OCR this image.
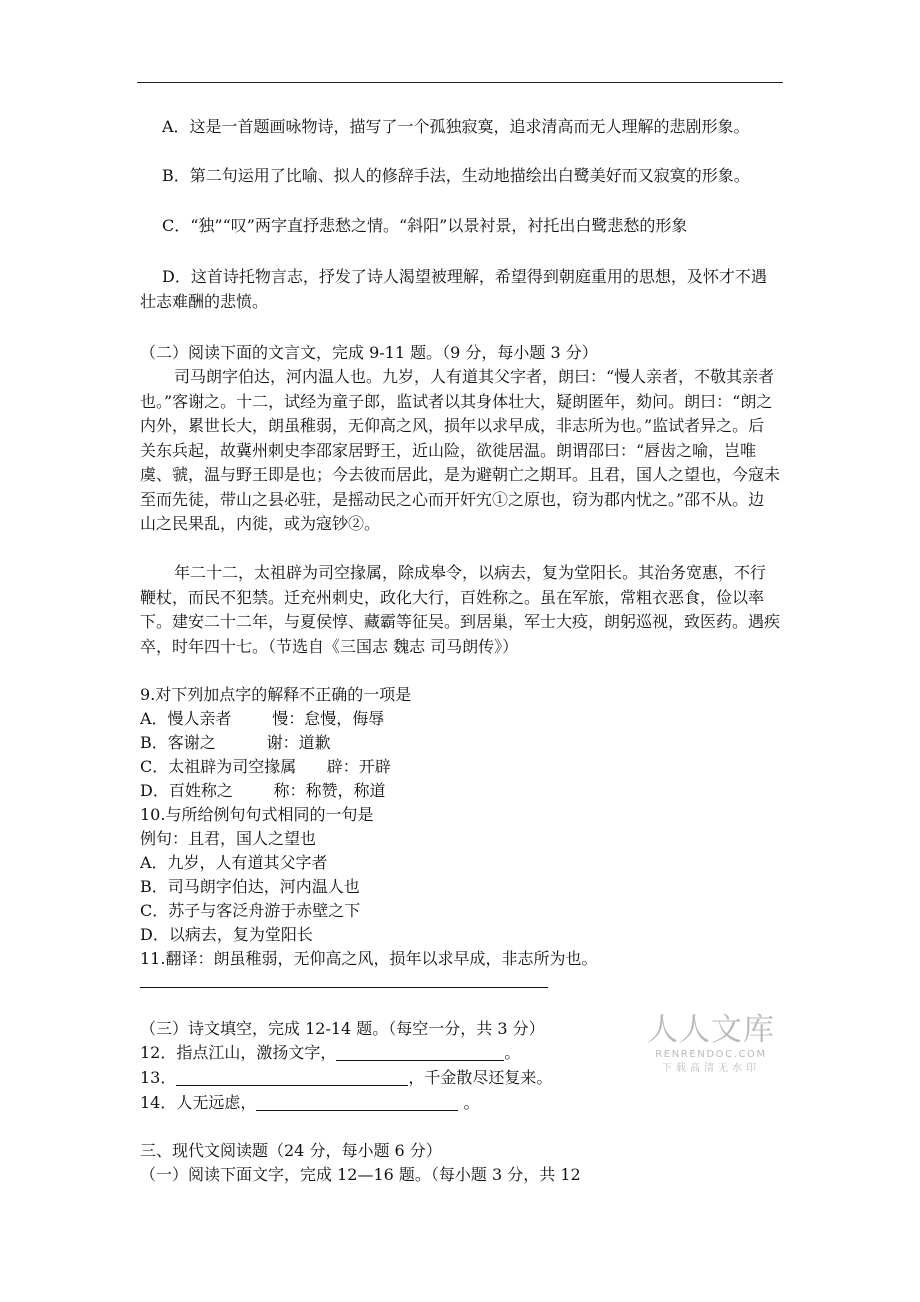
A．这是一首题画咏物诗，描写了一个孤独寂寞，追求清高而无人理解的悲剧形象。

B．第二句运用了比喻、拟人的修辞手法，生动地描绘出白鹭美好而又寂寞的形象。

C．“独”“叹”两字直抒悲愁之情。“斜阳”以景衬景，衬托出白鹭悲愁的形象

D．这首诗托物言志，抒发了诗人渴望被理解，希望得到朝庭重用的思想，及怀才不遇壮志难酬的悲愤。

（二）阅读下面的文言文，完成 9-11 题。（9 分，每小题 3 分）

司马朗字伯达，河内温人也。九岁，人有道其父字者，朗曰：“慢人亲者，不敬其亲者也。”客谢之。十二，试经为童子郎，监试者以其身体壮大，疑朗匿年，劾问。朗曰：“朗之内外，累世长大，朗虽稚弱，无仰高之风，损年以求早成，非志所为也。”监试者异之。后关东兵起，故冀州刺史李邵家居野王，近山险，欲徙居温。朗谓邵曰：“唇齿之喻，岂唯虞、虢，温与野王即是也；今去彼而居此，是为避朝亡之期耳。且君，国人之望也，今寇未至而先徒，带山之县必驻，是摇动民之心而开奸宄①之原也，窃为郡内忧之。”邵不从。边山之民果乱，内徙，或为寇钞②。

年二十二，太祖辟为司空掾属，除成皋令，以病去，复为堂阳长。其治务宽惠，不行鞭杖，而民不犯禁。迁充州刺史，政化大行，百姓称之。虽在军旅，常粗衣恶食，俭以率下。建安二十二年，与夏侯惇、藏霸等征吴。到居巢，军士大疫，朗躬巡视，致医药。遇疾卒，时年四十七。（节选自《三国志 魏志 司马朗传》）

9.对下列加点字的解释不正确的一项是

A．慢人亲者        慢：怠慢，侮辱

B．客谢之          谢：道歉

C．太祖辟为司空掾属      辟：开辟

D．百姓称之        称：称赞，称道

10.与所给例句句式相同的一句是

例句：且君，国人之望也

A．九岁，人有道其父字者

B．司马朗字伯达，河内温人也

C．苏子与客泛舟游于赤壁之下

D．以病去，复为堂阳长

11.翻译：朗虽稚弱，无仰高之风，损年以求早成，非志所为也。

（三）诗文填空，完成 12-14 题。（每空一分，共 3 分）

12．指点江山，激扬文字，	。

13．	，千金散尽还复来。

14．人无远虑，	。

三、现代文阅读题（24 分，每小题 6 分）

（一）阅读下面文字，完成 12—16 题。（每小题 3 分，共 12

人人文库
RENRENDOC.COM
下载高清无水印
